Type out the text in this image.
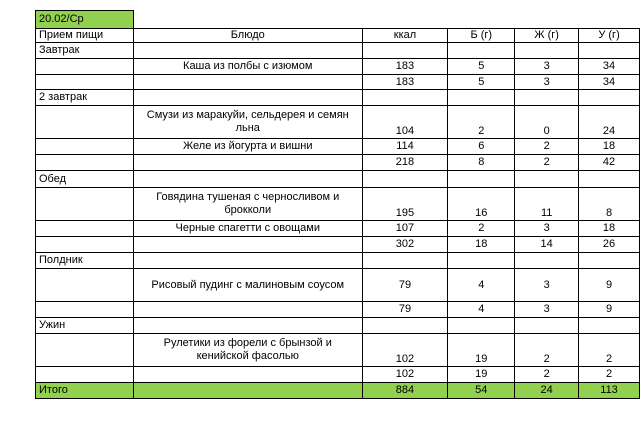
20.02/Ср					
Прием пищи	Блюдо	ккал	Б (г)	Ж (г)	У (г)
Завтрак					
	Каша из полбы с изюмом	183	5	3	34
		183	5	3	34
2 завтрак					
	Смузи из маракуйи, сельдерея и семян льна	104	2	0	24
	Желе из йогурта и вишни	114	6	2	18
		218	8	2	42
Обед					
	Говядина тушеная с черносливом и брокколи	195	16	11	8
	Черные спагетти с овощами	107	2	3	18
		302	18	14	26
Полдник					
	Рисовый пудинг с малиновым соусом	79	4	3	9
		79	4	3	9
Ужин					
	Рулетики из форели с брынзой и кенийской фасолью	102	19	2	2
		102	19	2	2
Итого		884	54	24	113
